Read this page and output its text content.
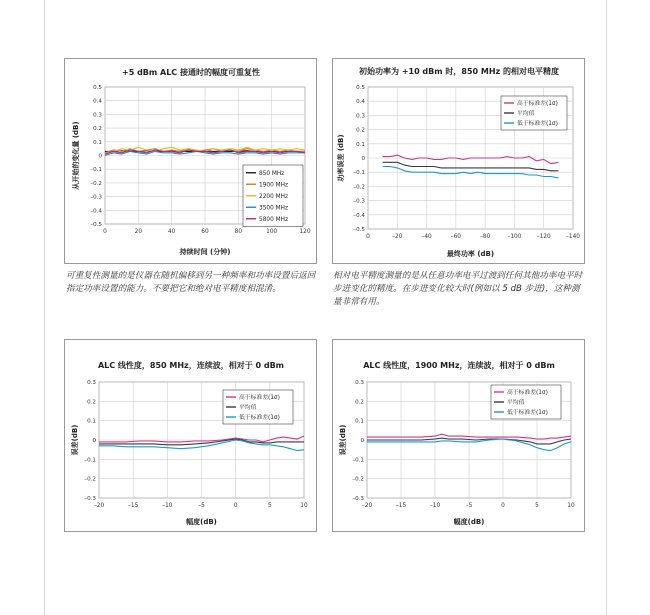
+5 dBm ALC 接通时的幅度可重复性
0.5
0.4
0.3
0.2
0.1
0
–0.1
–0.2
–0.3
–0.4
–0.5
0	20	40	60	80	100	120
持续时间 (分钟)
从开始的变化量 (dB)	850 MHz
1900 MHz
2200 MHz
3500 MHz
5800 MHz
初始功率为 +10 dBm 时，850 MHz 的相对电平精度
0.5
0.4
0.3
0.2
0.1
0
–0.1
–0.2
–0.3
–0.4
–0.5
0	–20	–40	–60	–80	–100	–120	–140
最终功率 (dB)
功率误差 (dB)
高于标准差(1σ)
平均值
低于标准差(1σ)
可重复性测量的是仪器在随机偏移到另一种频率和功率设置后返回指定功率设置的能力。不要把它和绝对电平精度相混淆。
相对电平精度测量的是从任意功率电平过渡到任何其他功率电平时步进变化的精度。在步进变化较大时(例如以 5 dB 步进)，这种测量非常有用。
ALC 线性度，850 MHz，连续波，相对于 0 dBm
0.3
0.2
0.1
0
–0.1
–0.2
–0.3
–20	–15	–10	–5	0	5	10
幅度(dB)
误差(dB)
高于标准差(1σ)
平均值
低于标准差(1σ)
ALC 线性度，1900 MHz，连续波，相对于 0 dBm
0.3
0.2
0.1
0
–0.1
–0.2
–0.3
–20	–15	–10	–5	0	5	10
幅度(dB)
误差(dB)
高于标准差(1σ)
平均值
低于标准差(1σ)
